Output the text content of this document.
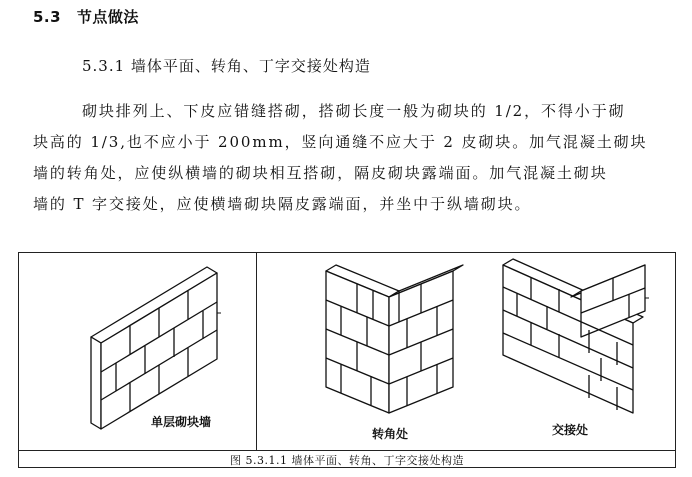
5.3 节点做法
5.3.1 墙体平面、转角、丁字交接处构造

砌块排列上、下皮应错缝搭砌，搭砌长度一般为砌块的 1/2，不得小于砌
块高的 1/3,也不应小于 200mm，竖向通缝不应大于 2 皮砌块。加气混凝土砌块
墙的转角处，应使纵横墙的砌块相互搭砌，隔皮砌块露端面。加气混凝土砌块
墙的 T 字交接处，应使横墙砌块隔皮露端面，并坐中于纵墙砌块。

单层砌块墙
转角处	交接处
图 5.3.1.1 墙体平面、转角、丁字交接处构造
